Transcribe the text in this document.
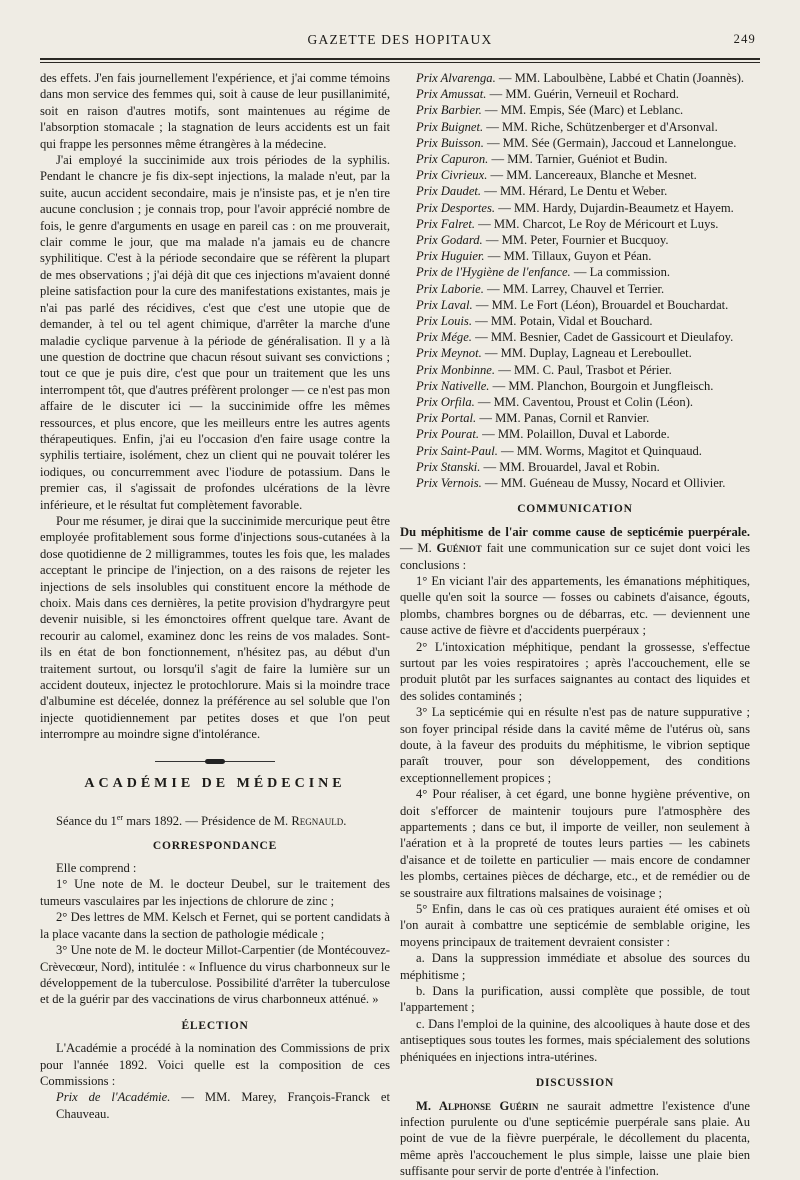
GAZETTE DES HOPITAUX	249

des effets. J'en fais journellement l'expérience, et j'ai comme témoins dans mon service des femmes qui, soit à cause de leur pusillanimité, soit en raison d'autres motifs, sont maintenues au régime de l'absorption stomacale ; la stagnation de leurs accidents est un fait qui frappe les personnes même étrangères à la médecine.

J'ai employé la succinimide aux trois périodes de la syphilis. Pendant le chancre je fis dix-sept injections, la malade n'eut, par la suite, aucun accident secondaire, mais je n'insiste pas, et je n'en tire aucune conclusion ; je connais trop, pour l'avoir apprécié nombre de fois, le genre d'arguments en usage en pareil cas : on me prouverait, clair comme le jour, que ma malade n'a jamais eu de chancre syphilitique. C'est à la période secondaire que se réfèrent la plupart de mes observations ; j'ai déjà dit que ces injections m'avaient donné pleine satisfaction pour la cure des manifestations existantes, mais je n'ai pas parlé des récidives, c'est que c'est une utopie que de demander, à tel ou tel agent chimique, d'arrêter la marche d'une maladie cyclique parvenue à la période de généralisation. Il y a là une question de doctrine que chacun résout suivant ses convictions ; tout ce que je puis dire, c'est que pour un traitement que les uns interrompent tôt, que d'autres préfèrent prolonger — ce n'est pas mon affaire de le discuter ici — la succinimide offre les mêmes ressources, et plus encore, que les meilleurs entre les autres agents thérapeutiques. Enfin, j'ai eu l'occasion d'en faire usage contre la syphilis tertiaire, isolément, chez un client qui ne pouvait tolérer les iodiques, ou concurremment avec l'iodure de potassium. Dans le premier cas, il s'agissait de profondes ulcérations de la lèvre inférieure, et le résultat fut complètement favorable.

Pour me résumer, je dirai que la succinimide mercurique peut être employée profitablement sous forme d'injections sous-cutanées à la dose quotidienne de 2 milligrammes, toutes les fois que, les malades acceptant le principe de l'injection, on a des raisons de rejeter les injections de sels insolubles qui constituent encore la méthode de choix. Mais dans ces dernières, la petite provision d'hydrargyre peut devenir nuisible, si les émonctoires offrent quelque tare. Avant de recourir au calomel, examinez donc les reins de vos malades. Sont-ils en état de bon fonctionnement, n'hésitez pas, au début d'un traitement surtout, ou lorsqu'il s'agit de faire la lumière sur un accident douteux, injectez le protochlorure. Mais si la moindre trace d'albumine est décelée, donnez la préférence au sel soluble que l'on injecte quotidiennement par petites doses et que l'on peut interrompre au moindre signe d'intolérance.

ACADÉMIE DE MÉDECINE

Séance du 1er mars 1892. — Présidence de M. Regnauld.

CORRESPONDANCE

Elle comprend :

1° Une note de M. le docteur Deubel, sur le traitement des tumeurs vasculaires par les injections de chlorure de zinc ;

2° Des lettres de MM. Kelsch et Fernet, qui se portent candidats à la place vacante dans la section de pathologie médicale ;

3° Une note de M. le docteur Millot-Carpentier (de Montécouvez-Crèvecœur, Nord), intitulée : « Influence du virus charbonneux sur le développement de la tuberculose. Possibilité d'arrêter la tuberculose et de la guérir par des vaccinations de virus charbonneux atténué. »

ÉLECTION

L'Académie a procédé à la nomination des Commissions de prix pour l'année 1892. Voici quelle est la composition de ces Commissions :

Prix de l'Académie. — MM. Marey, François-Franck et Chauveau.

Prix Alvarenga. — MM. Laboulbène, Labbé et Chatin (Joannès).

Prix Amussat. — MM. Guérin, Verneuil et Rochard.

Prix Barbier. — MM. Empis, Sée (Marc) et Leblanc.

Prix Buignet. — MM. Riche, Schützenberger et d'Arsonval.

Prix Buisson. — MM. Sée (Germain), Jaccoud et Lannelongue.

Prix Capuron. — MM. Tarnier, Guéniot et Budin.

Prix Civrieux. — MM. Lancereaux, Blanche et Mesnet.

Prix Daudet. — MM. Hérard, Le Dentu et Weber.

Prix Desportes. — MM. Hardy, Dujardin-Beaumetz et Hayem.

Prix Falret. — MM. Charcot, Le Roy de Méricourt et Luys.

Prix Godard. — MM. Peter, Fournier et Bucquoy.

Prix Huguier. — MM. Tillaux, Guyon et Péan.

Prix de l'Hygiène de l'enfance. — La commission.

Prix Laborie. — MM. Larrey, Chauvel et Terrier.

Prix Laval. — MM. Le Fort (Léon), Brouardel et Bouchardat.

Prix Louis. — MM. Potain, Vidal et Bouchard.

Prix Mége. — MM. Besnier, Cadet de Gassicourt et Dieulafoy.

Prix Meynot. — MM. Duplay, Lagneau et Lereboullet.

Prix Monbinne. — MM. C. Paul, Trasbot et Périer.

Prix Nativelle. — MM. Planchon, Bourgoin et Jungfleisch.

Prix Orfila. — MM. Caventou, Proust et Colin (Léon).

Prix Portal. — MM. Panas, Cornil et Ranvier.

Prix Pourat. — MM. Polaillon, Duval et Laborde.

Prix Saint-Paul. — MM. Worms, Magitot et Quinquaud.

Prix Stanski. — MM. Brouardel, Javal et Robin.

Prix Vernois. — MM. Guéneau de Mussy, Nocard et Ollivier.

COMMUNICATION

Du méphitisme de l'air comme cause de septicémie puerpérale. — M. Guéniot fait une communication sur ce sujet dont voici les conclusions :

1° En viciant l'air des appartements, les émanations méphitiques, quelle qu'en soit la source — fosses ou cabinets d'aisance, égouts, plombs, chambres borgnes ou de débarras, etc. — deviennent une cause active de fièvre et d'accidents puerpéraux ;

2° L'intoxication méphitique, pendant la grossesse, s'effectue surtout par les voies respiratoires ; après l'accouchement, elle se produit plutôt par les surfaces saignantes au contact des liquides et des solides contaminés ;

3° La septicémie qui en résulte n'est pas de nature suppurative ; son foyer principal réside dans la cavité même de l'utérus où, sans doute, à la faveur des produits du méphitisme, le vibrion septique paraît trouver, pour son développement, des conditions exceptionnellement propices ;

4° Pour réaliser, à cet égard, une bonne hygiène préventive, on doit s'efforcer de maintenir toujours pure l'atmosphère des appartements ; dans ce but, il importe de veiller, non seulement à l'aération et à la propreté de toutes leurs parties — les cabinets d'aisance et de toilette en particulier — mais encore de condamner les plombs, certaines pièces de décharge, etc., et de remédier ou de se soustraire aux filtrations malsaines de voisinage ;

5° Enfin, dans le cas où ces pratiques auraient été omises et où l'on aurait à combattre une septicémie de semblable origine, les moyens principaux de traitement devraient consister :

a. Dans la suppression immédiate et absolue des sources du méphitisme ;

b. Dans la purification, aussi complète que possible, de tout l'appartement ;

c. Dans l'emploi de la quinine, des alcooliques à haute dose et des antiseptiques sous toutes les formes, mais spécialement des solutions phéniquées en injections intra-utérines.

DISCUSSION

M. Alphonse Guérin ne saurait admettre l'existence d'une infection purulente ou d'une septicémie puerpérale sans plaie. Au point de vue de la fièvre puerpérale, le décollement du placenta, même après l'accouchement le plus simple, laisse une plaie bien suffisante pour servir de porte d'entrée à l'infection.
